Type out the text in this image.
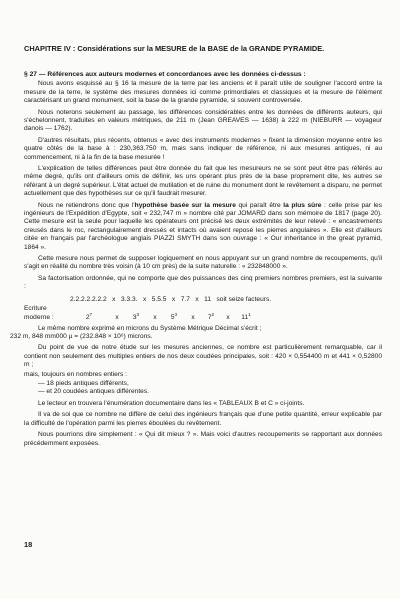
CHAPITRE IV : Considérations sur la MESURE de la BASE de la GRANDE PYRAMIDE.
§ 27 — Références aux auteurs modernes et concordances avec les données ci-dessus :

Nous avons esquissé au § 16 la mesure de la terre par les anciens et il paraît utile de souligner l'accord entre la mesure de la terre, le système des mesures données ici comme primordiales et classiques et la mesure de l'élément caractérisant un grand monument, soit la base de la grande pyramide, si souvent controversée.

Nous noterons seulement au passage, les différences considérables entre les données de différents auteurs, qui s'échelonnent, traduites en valeurs métriques, de 211 m (Jean GREAVES — 1638) à 222 m (NIEBURR — voyageur danois — 1762).

D'autres résultats, plus récents, obtenus « avec des instruments modernes » fixent la dimension moyenne entre les quatre côtés de la base à : 230,363.750 m, mais sans indiquer de référence, ni aux mesures antiques, ni au commencement, ni à la fin de la base mesurée !

L'explication de telles différences peut être donnée du fait que les mesureurs ne se sont peut être pas référés au même degré, qu'ils ont d'ailleurs omis de définir, les uns opérant plus près de la base proprement dite, les autres se référant à un degré supérieur. L'état actuel de mutilation et de ruine du monument dont le revêtement a disparu, ne permet actuellement que des hypothèses sur ce qu'il faudrait mesurer.

Nous ne retiendrons donc que l'hypothèse basée sur la mesure qui paraît être la plus sûre : celle prise par les ingénieurs de l'Expédition d'Egypte, soit « 232,747 m » nombre cité par JOMARD dans son mémoire de 1817 (page 20). Cette mesure est la seule pour laquelle les opérateurs ont précisé les deux extrémités de leur relevé : « encastrements creusés dans le roc, rectangulairement dressés et intacts où avaient reposé les pierres angulaires ». Elle est d'ailleurs citée en français par l'archéologue anglais PIAZZI SMYTH dans son ouvrage : « Our inheritance in the great pyramid, 1864 ».

Cette mesure nous permet de supposer logiquement en nous appuyant sur un grand nombre de recoupements, qu'il s'agit en réalité du nombre très voisin (à 10 cm près) de la suite naturelle : « 232848000 ».

Sa factorisation ordonnée, qui ne comporte que des puissances des cinq premiers nombres premiers, est la suivante :

2.2.2.2.2.2.2   x   3.3.3.   x   5.5.5   x   7.7   x   11   soit seize facteurs.
Ecriture
moderne :	$2^7$	x	$3^3$	x	$5^3$	x	$7^2$	x	$11^1$

Le même nombre exprimé en microns du Système Métrique Décimal s'écrit ;
232 m, 848 mm000 µ = (232.848 × 10⁶) microns.

Du point de vue de notre étude sur les mesures anciennes, ce nombre est particulièrement remarquable, car il contient non seulement des multiples entiers de nos deux coudées principales, soit : 420 × 0,554400 m et 441 × 0,52800 m ;

mais, toujours en nombres entiers :

— 18 pieds antiques différents,
— et 20 coudées antiques différentes.

Le lecteur en trouvera l'énumération documentaire dans les « TABLEAUX B et C » ci-joints.

Il va de soi que ce nombre ne diffère de celui des ingénieurs français que d'une petite quantité, erreur explicable par la difficulté de l'opération parmi les pierres éboulées du revêtement.

Nous pourrions dire simplement : « Qui dit mieux ? ». Mais voici d'autres recoupements se rapportant aux données précédemment exposées.

18
